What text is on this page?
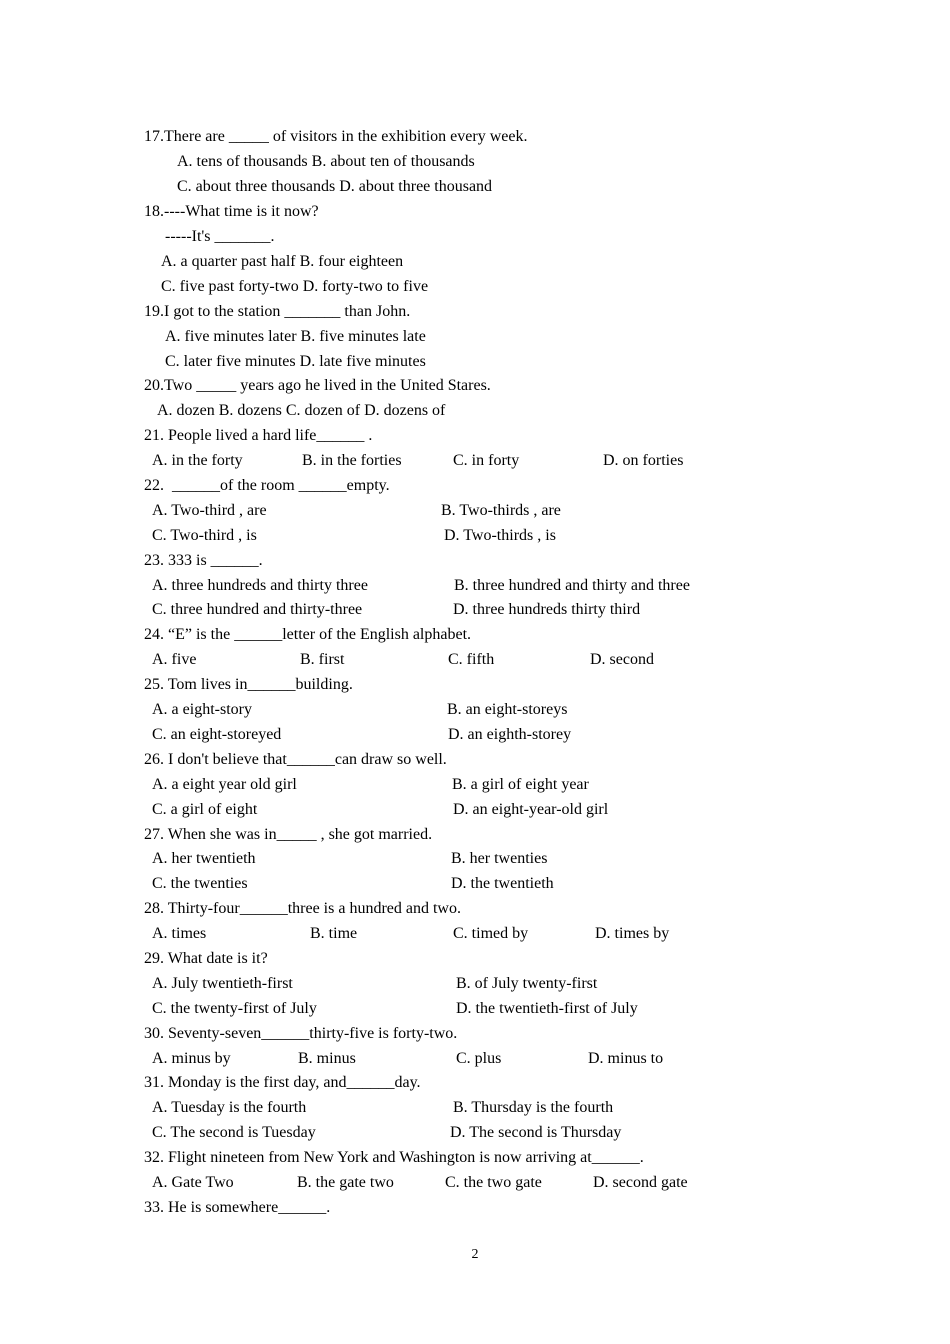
17.There are _____ of visitors in the exhibition every week.
A. tens of thousands B. about ten of thousands
C. about three thousands D. about three thousand
18.----What time is it now?
-----It's _______.
A. a quarter past half B. four eighteen
C. five past forty-two D. forty-two to five
19.I got to the station _______ than John.
A. five minutes later B. five minutes late
C. later five minutes D. late five minutes
20.Two _____ years ago he lived in the United Stares.
A. dozen B. dozens C. dozen of D. dozens of
21. People lived a hard life______ .
A. in the forty	B. in the forties	C. in forty	D. on forties
22.  ______of the room ______empty.
A. Two-third , are	B. Two-thirds , are
C. Two-third , is	D. Two-thirds , is
23. 333 is ______.
A. three hundreds and thirty three	B. three hundred and thirty and three
C. three hundred and thirty-three	D. three hundreds thirty third
24. “E” is the ______letter of the English alphabet.
A. five	B. first	C. fifth	D. second
25. Tom lives in______building.
A. a eight-story	B. an eight-storeys
C. an eight-storeyed	D. an eighth-storey
26. I don't believe that______can draw so well.
A. a eight year old girl	B. a girl of eight year
C. a girl of eight	D. an eight-year-old girl
27. When she was in_____ , she got married.
A. her twentieth	B. her twenties
C. the twenties	D. the twentieth
28. Thirty-four______three is a hundred and two.
A. times	B. time	C. timed by	D. times by
29. What date is it?
A. July twentieth-first	B. of July twenty-first
C. the twenty-first of July	D. the twentieth-first of July
30. Seventy-seven______thirty-five is forty-two.
A. minus by	B. minus	C. plus	D. minus to
31. Monday is the first day, and______day.
A. Tuesday is the fourth	B. Thursday is the fourth
C. The second is Tuesday	D. The second is Thursday
32. Flight nineteen from New York and Washington is now arriving at______.
A. Gate Two	B. the gate two	C. the two gate	D. second gate
33. He is somewhere______.
2
